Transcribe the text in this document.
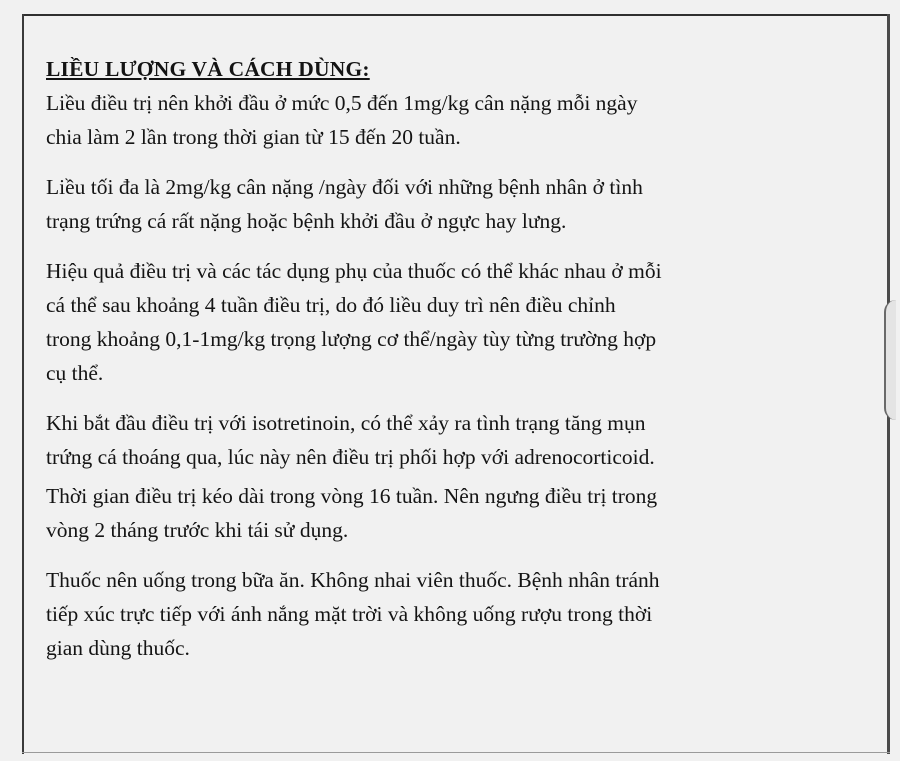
LIỀU LƯỢNG VÀ CÁCH DÙNG:

Liều điều trị nên khởi đầu ở mức 0,5 đến 1mg/kg cân nặng mỗi ngày
chia làm 2 lần trong thời gian từ 15 đến 20 tuần.

Liều tối đa là 2mg/kg cân nặng /ngày đối với những bệnh nhân ở tình
trạng trứng cá rất nặng hoặc bệnh khởi đầu ở ngực hay lưng.

Hiệu quả điều trị và các tác dụng phụ của thuốc có thể khác nhau ở mỗi
cá thể sau khoảng 4 tuần điều trị, do đó liều duy trì nên điều chỉnh
trong khoảng 0,1-1mg/kg trọng lượng cơ thể/ngày tùy từng trường hợp
cụ thể.

Khi bắt đầu điều trị với isotretinoin, có thể xảy ra tình trạng tăng mụn
trứng cá thoáng qua, lúc này nên điều trị phối hợp với adrenocorticoid.

Thời gian điều trị kéo dài trong vòng 16 tuần. Nên ngưng điều trị trong
vòng 2 tháng trước khi tái sử dụng.

Thuốc nên uống trong bữa ăn. Không nhai viên thuốc. Bệnh nhân tránh
tiếp xúc trực tiếp với ánh nắng mặt trời và không uống rượu trong thời
gian dùng thuốc.
